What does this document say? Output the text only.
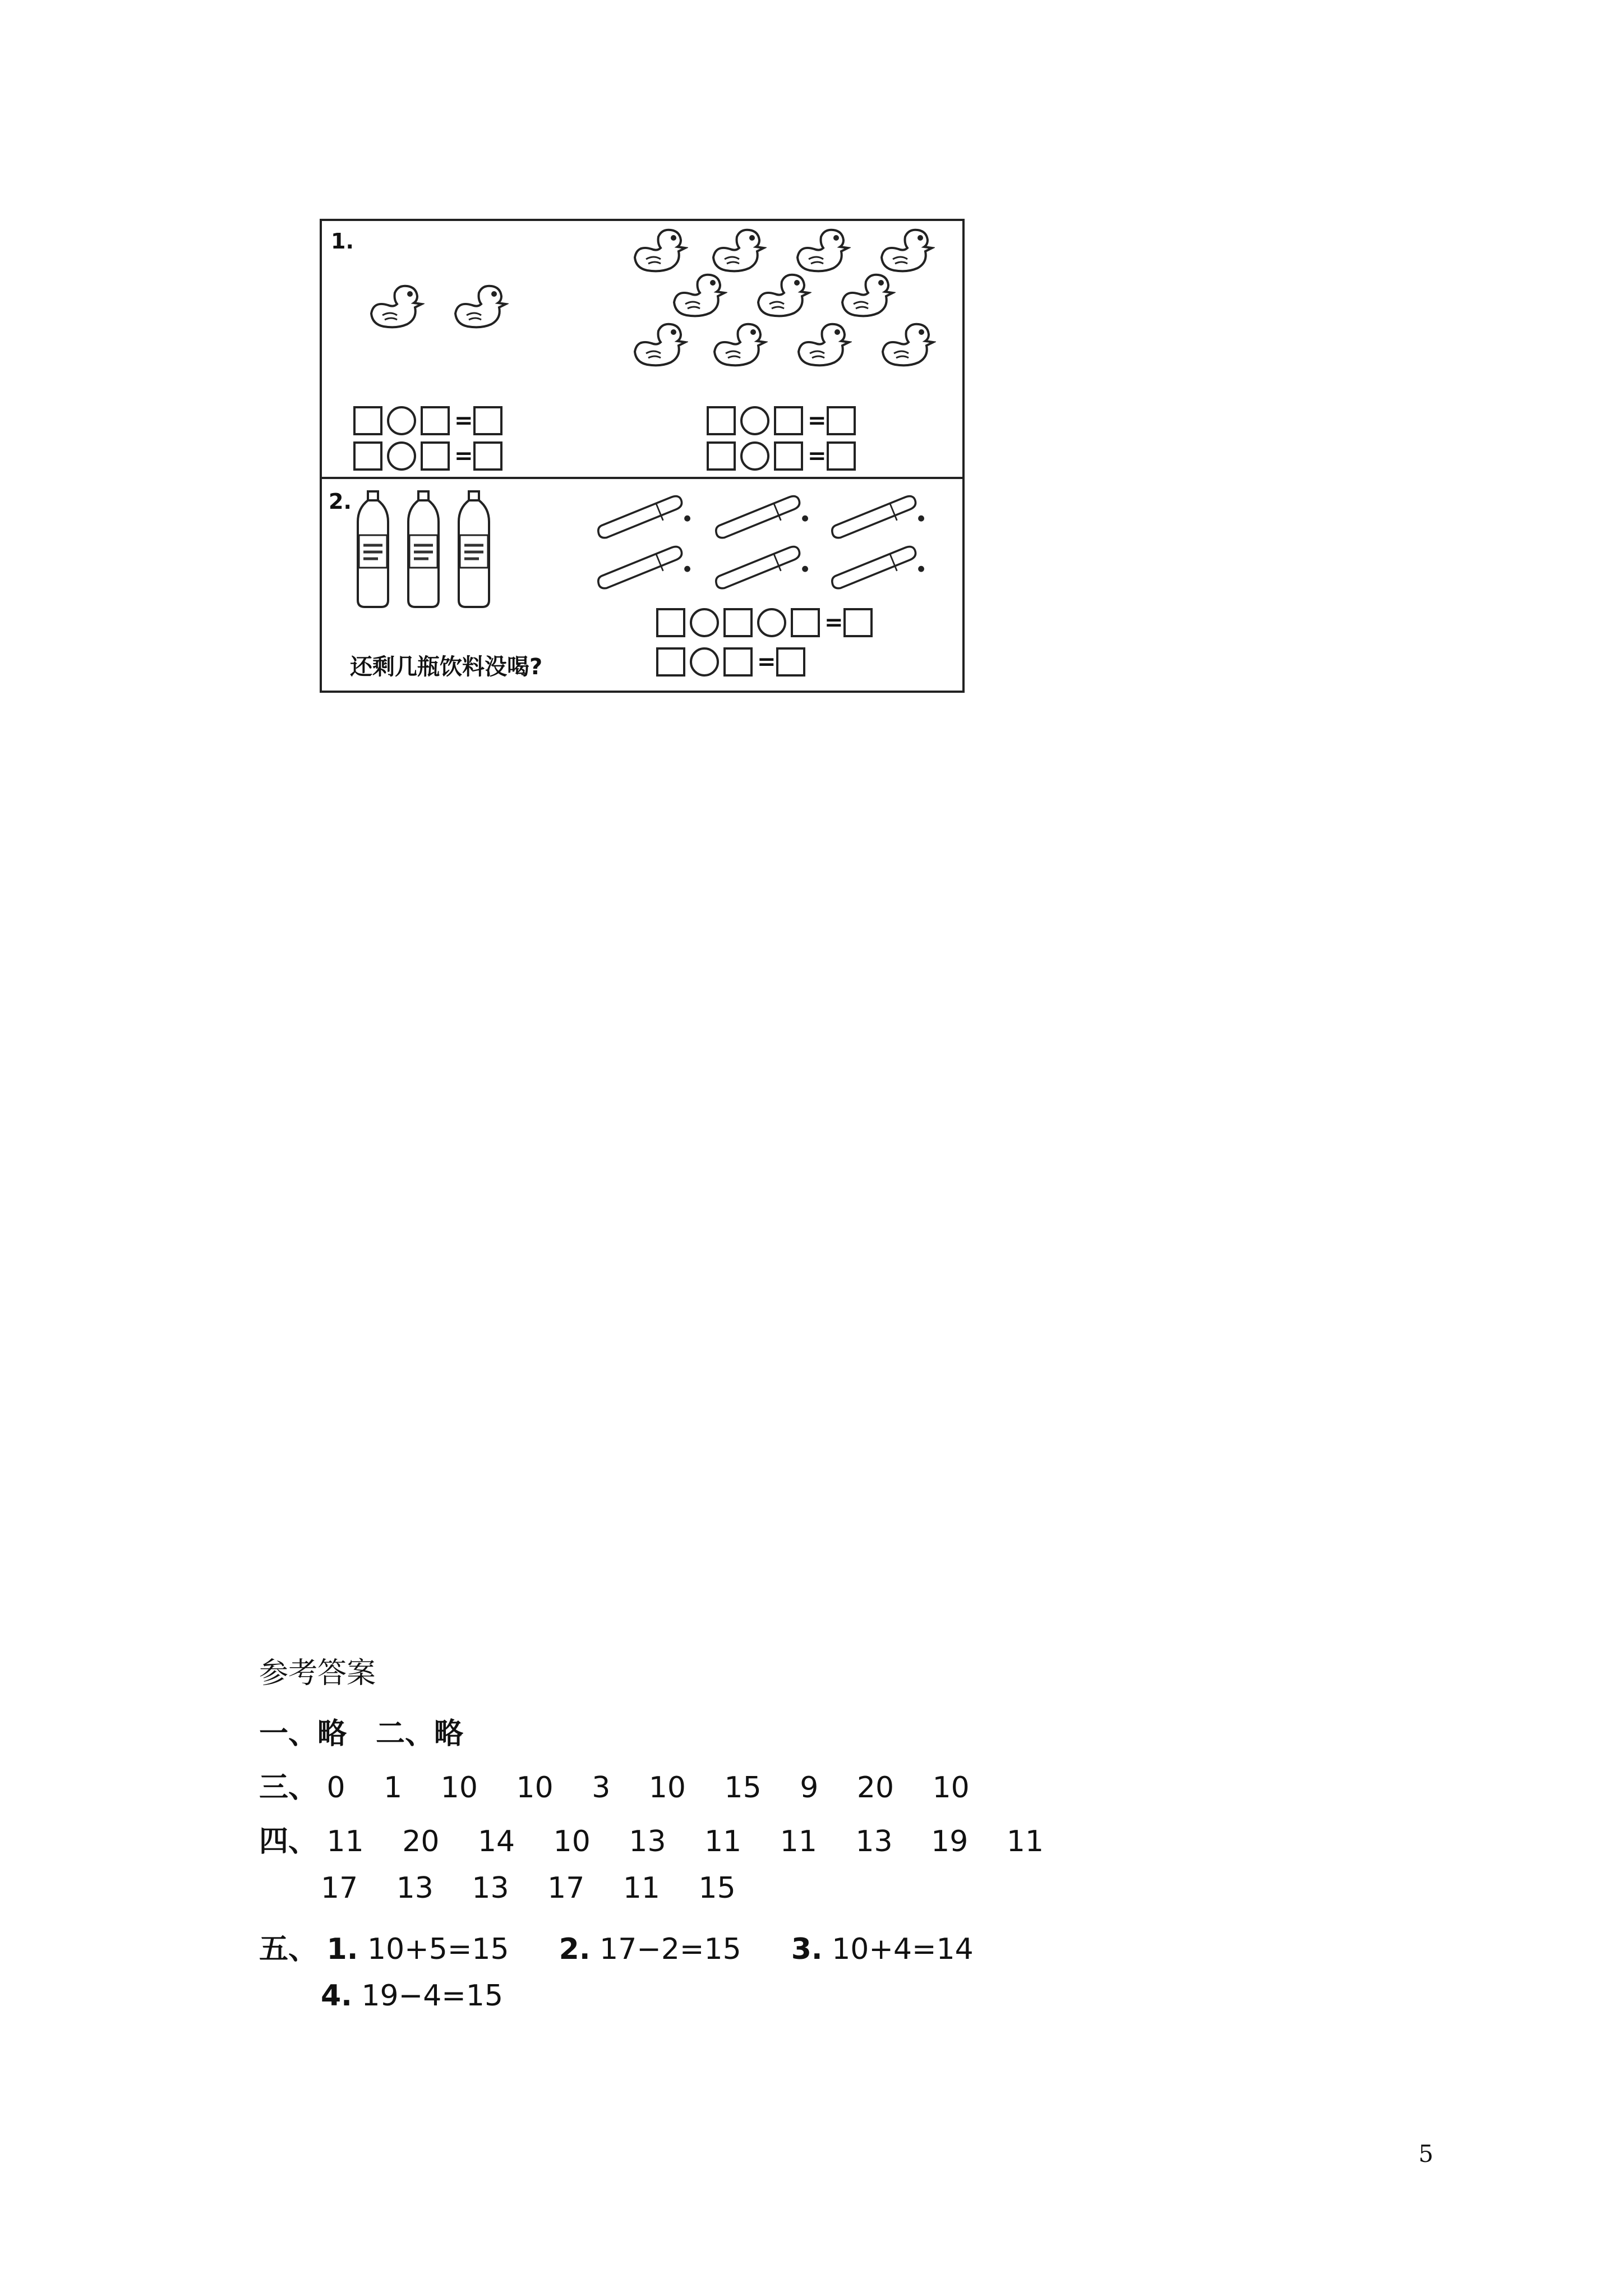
1.
=
=
=
=
2.
=
=
还剩几瓶饮料没喝?
参考答案
一、略　二、略
三、 0 1 10 10 3 10 15 9 20 10
四、 11 20 14 10 13 11 11 13 19 11
17 13 13 17 11 15
五、 1. 10+5=15 2. 17−2=15 3. 10+4=14
4. 19−4=15
5
